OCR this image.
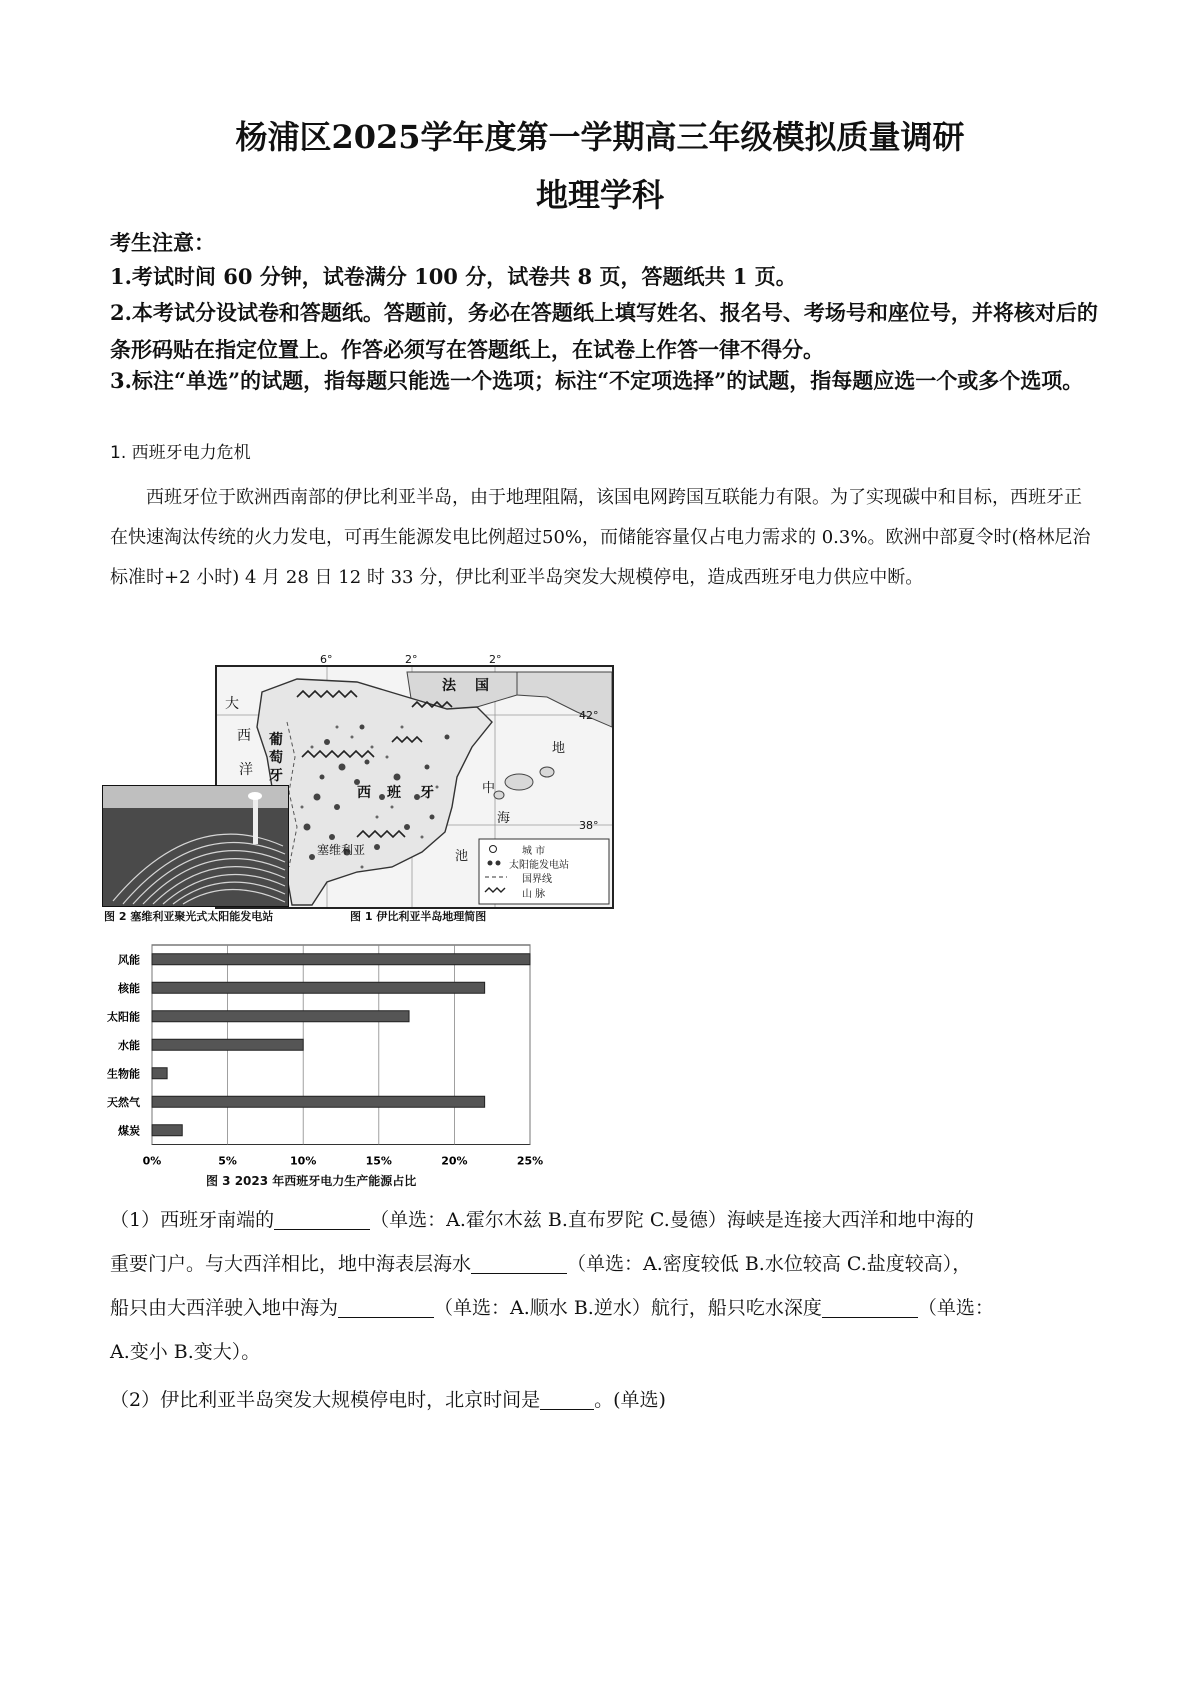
杨浦区2025学年度第一学期高三年级模拟质量调研
地理学科
考生注意：
1.考试时间 60 分钟，试卷满分 100 分，试卷共 8 页，答题纸共 1 页。
2.本考试分设试卷和答题纸。答题前，务必在答题纸上填写姓名、报名号、考场号和座位号，并将核对后的条形码贴在指定位置上。作答必须写在答题纸上，在试卷上作答一律不得分。
3.标注“单选”的试题，指每题只能选一个选项；标注“不定项选择”的试题，指每题应选一个或多个选项。
1. 西班牙电力危机
西班牙位于欧洲西南部的伊比利亚半岛，由于地理阻隔，该国电网跨国互联能力有限。为了实现碳中和目标，西班牙正在快速淘汰传统的火力发电，可再生能源发电比例超过50%，而储能容量仅占电力需求的 0.3%。欧洲中部夏令时(格林尼治标准时+2 小时) 4 月 28 日 12 时 33 分，伊比利亚半岛突发大规模停电，造成西班牙电力供应中断。
6°	2°	2°
42°
38°
大
西
洋
葡
萄
牙
法 国
西 班 牙
塞维利亚
地
中
海
池	城 市
太阳能发电站
国界线
山 脉
图 2 塞维利亚聚光式太阳能发电站	图 1 伊比利亚半岛地理简图
0%	5%	10%	15%	20%	25%
风能
核能
太阳能
水能
生物能
天然气
煤炭
图 3 2023 年西班牙电力生产能源占比
（1）西班牙南端的	（单选：A.霍尔木兹 B.直布罗陀 C.曼德）海峡是连接大西洋和地中海的
重要门户。与大西洋相比，地中海表层海水	（单选：A.密度较低 B.水位较高 C.盐度较高），
船只由大西洋驶入地中海为	（单选：A.顺水 B.逆水）航行，船只吃水深度	（单选：
A.变小 B.变大）。
（2）伊比利亚半岛突发大规模停电时，北京时间是	。(单选)
